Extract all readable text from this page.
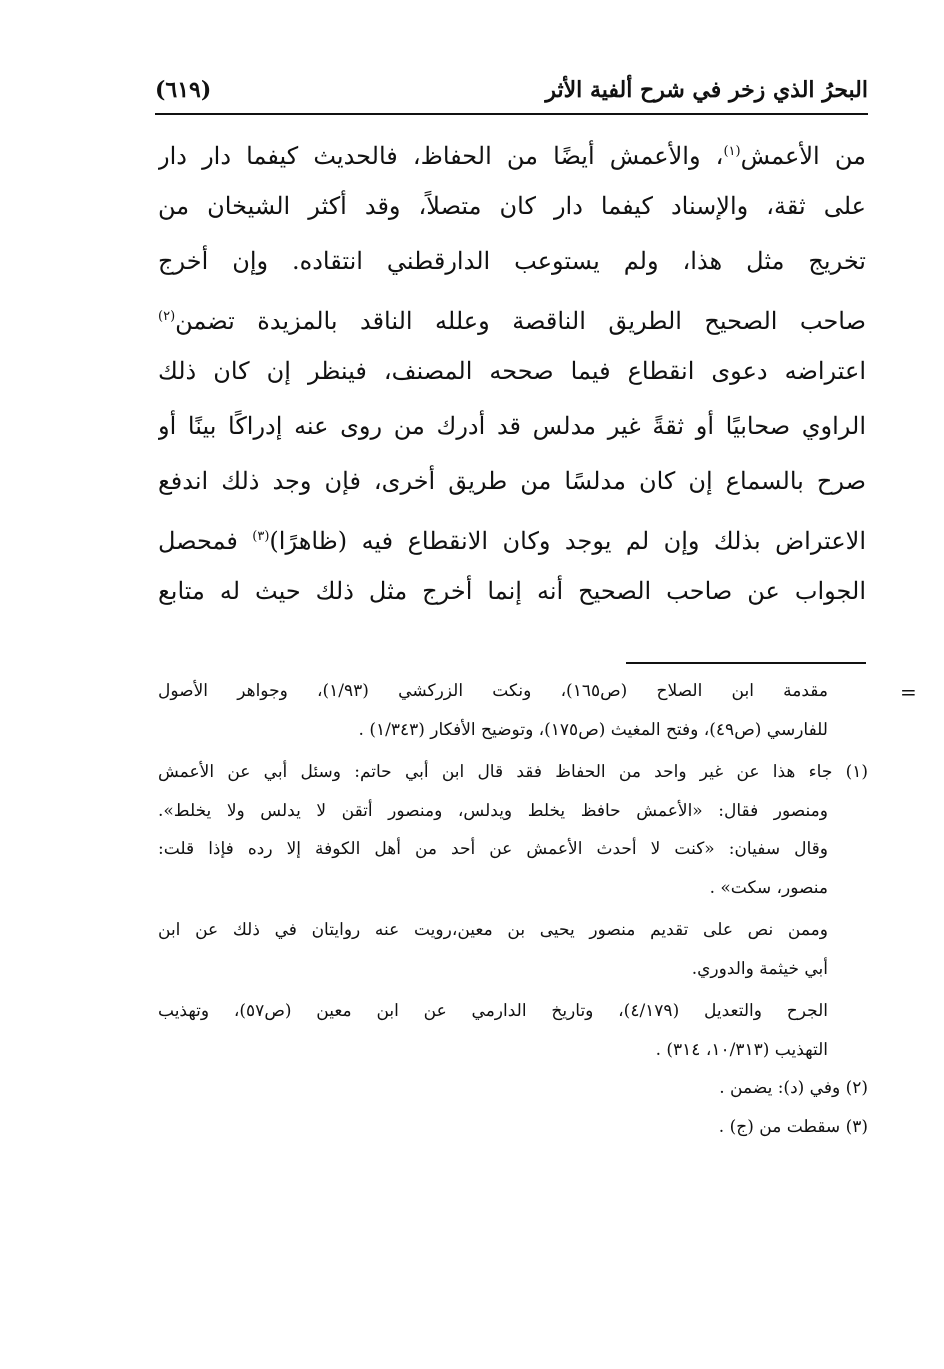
البحرُ الذي زخر في شرح ألفية الأثر
(٦١٩)
من الأعمش$^{(١)}$، والأعمش أيضًا من الحفاظ، فالحديث كيفما دار دار
على ثقة، والإسناد كيفما دار كان متصلاً، وقد أكثر الشيخان من
تخريج مثل هذا، ولم يستوعب الدارقطني انتقاده. وإن أخرج
صاحب الصحيح الطريق الناقصة وعلله الناقد بالمزيدة تضمن$^{(٢)}$
اعتراضه دعوى انقطاع فيما صححه المصنف، فينظر إن كان ذلك
الراوي صحابيًا أو ثقةً غير مدلس قد أدرك من روى عنه إدراكًا بينًا أو
صرح بالسماع إن كان مدلسًا من طريق أخرى، فإن وجد ذلك اندفع
الاعتراض بذلك وإن لم يوجد وكان الانقطاع فيه (ظاهرًا)$^{(٣)}$ فمحصل
الجواب عن صاحب الصحيح أنه إنما أخرج مثل ذلك حيث له متابع
=
مقدمة ابن الصلاح (ص١٦٥)، ونكت الزركشي (١/٩٣)، وجواهر الأصول
للفارسي (ص٤٩)، وفتح المغيث (ص١٧٥)، وتوضيح الأفكار (١/٣٤٣) .
(١) جاء هذا عن غير واحد من الحفاظ فقد قال ابن أبي حاتم: وسئل أبي عن الأعمش
ومنصور فقال: «الأعمش حافظ يخلط ويدلس، ومنصور أتقن لا يدلس ولا يخلط».
وقال سفيان: «كنت لا أحدث الأعمش عن أحد من أهل الكوفة إلا رده فإذا قلت:
منصور، سكت» .
وممن نص على تقديم منصور يحيى بن معين،رويت عنه روايتان في ذلك عن ابن
أبي خيثمة والدوري.
الجرح والتعديل (٤/١٧٩)، وتاريخ الدارمي عن ابن معين (ص٥٧)، وتهذيب
التهذيب (١٠/٣١٣، ٣١٤) .
(٢) وفي (د): يضمن .
(٣) سقطت من (ج) .
